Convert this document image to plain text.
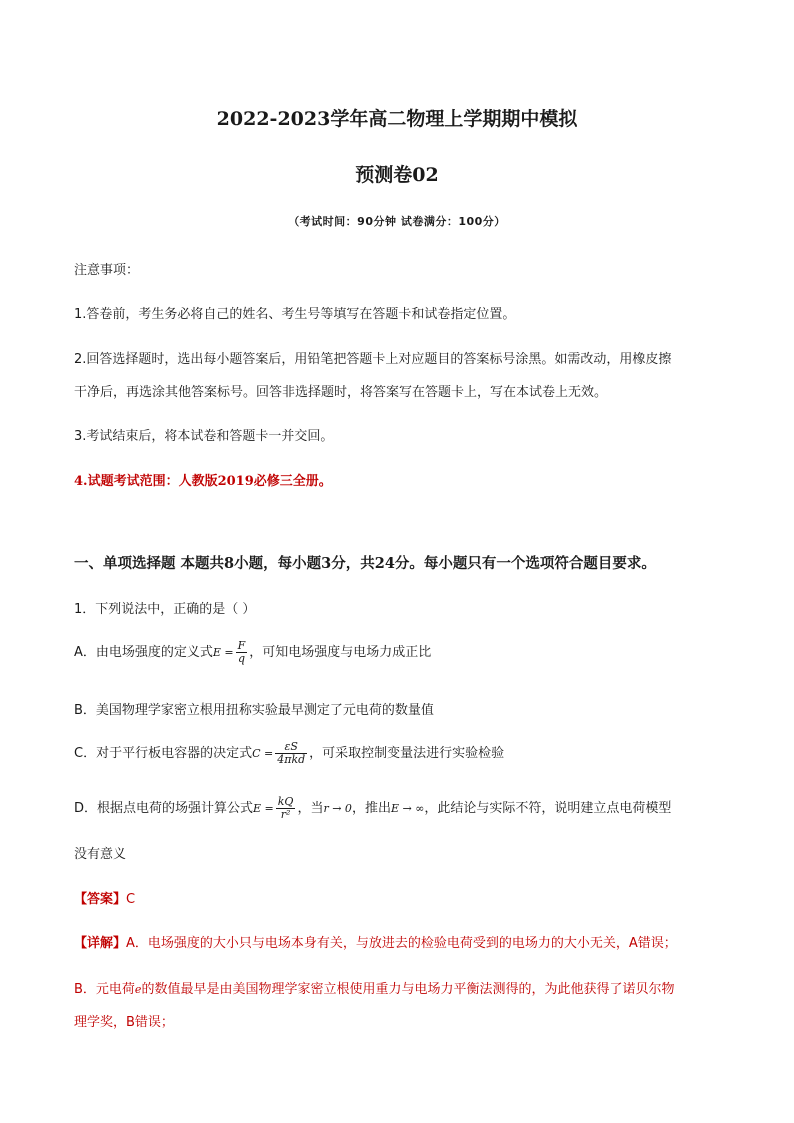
2022-2023学年高二物理上学期期中模拟
预测卷02
（考试时间：90分钟 试卷满分：100分）
注意事项：
1.答卷前，考生务必将自己的姓名、考生号等填写在答题卡和试卷指定位置。
2.回答选择题时，选出每小题答案后，用铅笔把答题卡上对应题目的答案标号涂黑。如需改动，用橡皮擦
干净后，再选涂其他答案标号。回答非选择题时，将答案写在答题卡上，写在本试卷上无效。
3.考试结束后，将本试卷和答题卡一并交回。
4.试题考试范围：人教版2019必修三全册。
一、单项选择题 本题共8小题，每小题3分，共24分。每小题只有一个选项符合题目要求。
1．下列说法中，正确的是（ ）
A．由电场强度的定义式$E = \frac{F}{q}$ ，可知电场强度与电场力成正比
B．美国物理学家密立根用扭称实验最早测定了元电荷的数量值
C．对于平行板电容器的决定式$C = \frac{\varepsilon S}{\text{4πkd}}$ ，可采取控制变量法进行实验检验
D．根据点电荷的场强计算公式$E = \frac{kQ}{\text{r²}}$ ，当r → 0，推出E → ∞，此结论与实际不符，说明建立点电荷模型
没有意义
【答案】C
【详解】A．电场强度的大小只与电场本身有关，与放进去的检验电荷受到的电场力的大小无关，A错误；
B．元电荷e的数值最早是由美国物理学家密立根使用重力与电场力平衡法测得的，为此他获得了诺贝尔物
理学奖，B错误；
